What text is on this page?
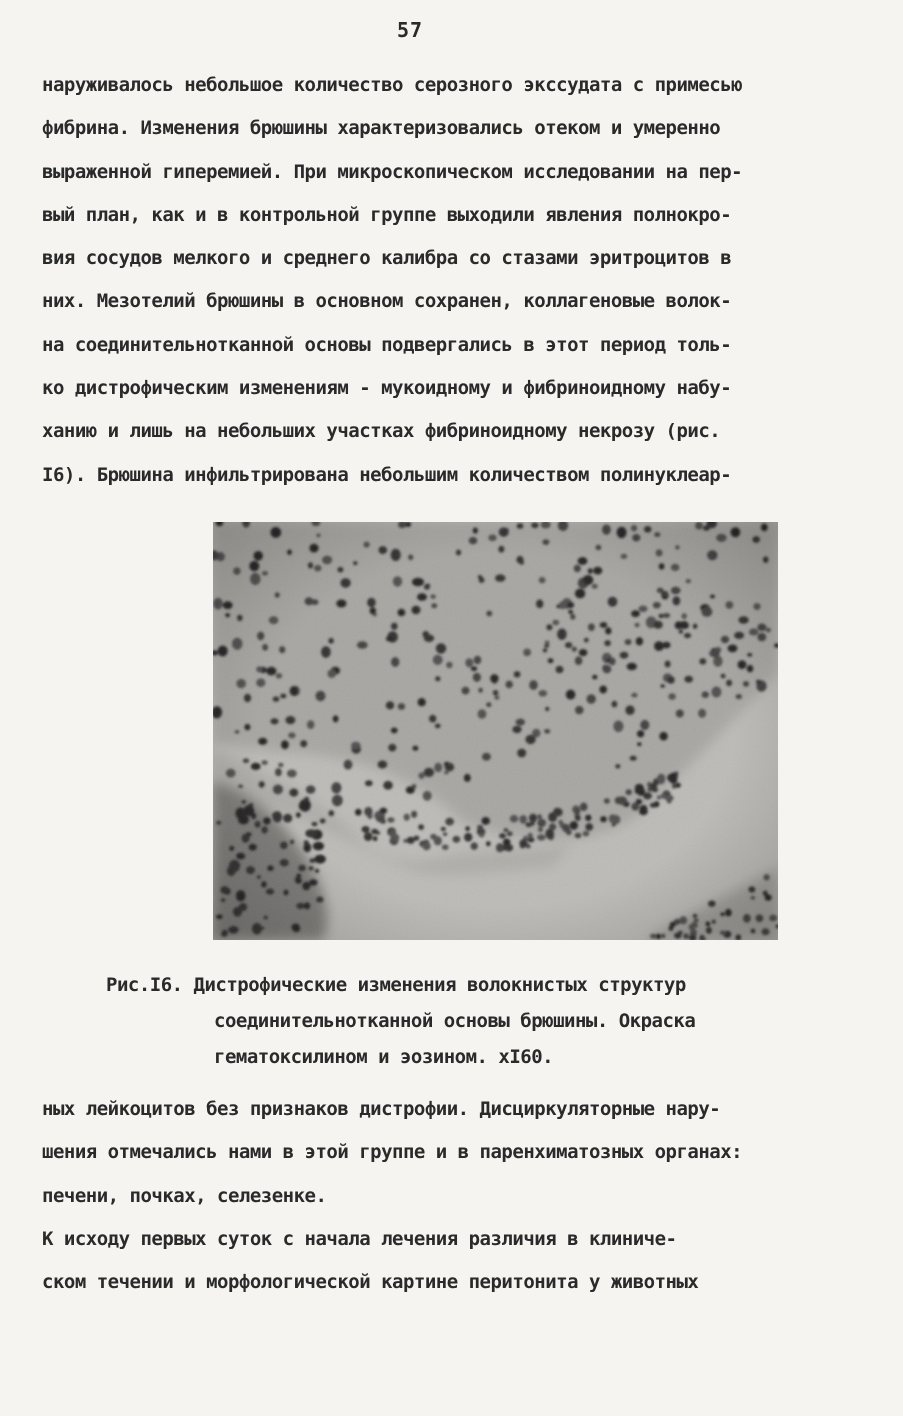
57
наруживалось небольшое количество серозного экссудата с примесью
фибрина. Изменения брюшины характеризовались отеком и умеренно
выраженной гиперемией. При микроскопическом исследовании на пер-
вый план, как и в контрольной группе выходили явления полнокро-
вия сосудов мелкого и среднего калибра со стазами эритроцитов в
них. Мезотелий брюшины в основном сохранен, коллагеновые волок-
на соединительнотканной основы подвергались в этот период толь-
ко дистрофическим изменениям - мукоидному и фибриноидному набу-
ханию и лишь на небольших участках фибриноидному некрозу (рис.
I6). Брюшина инфильтрирована небольшим количеством полинуклеар-
Рис.I6. Дистрофические изменения волокнистых структур
соединительнотканной основы брюшины. Окраска
гематоксилином и эозином. хI60.
ных лейкоцитов без признаков дистрофии. Дисциркуляторные нару-
шения отмечались нами в этой группе и в паренхиматозных органах:
печени, почках, селезенке.
К исходу первых суток с начала лечения различия в клиниче-
ском течении и морфологической картине перитонита у животных
